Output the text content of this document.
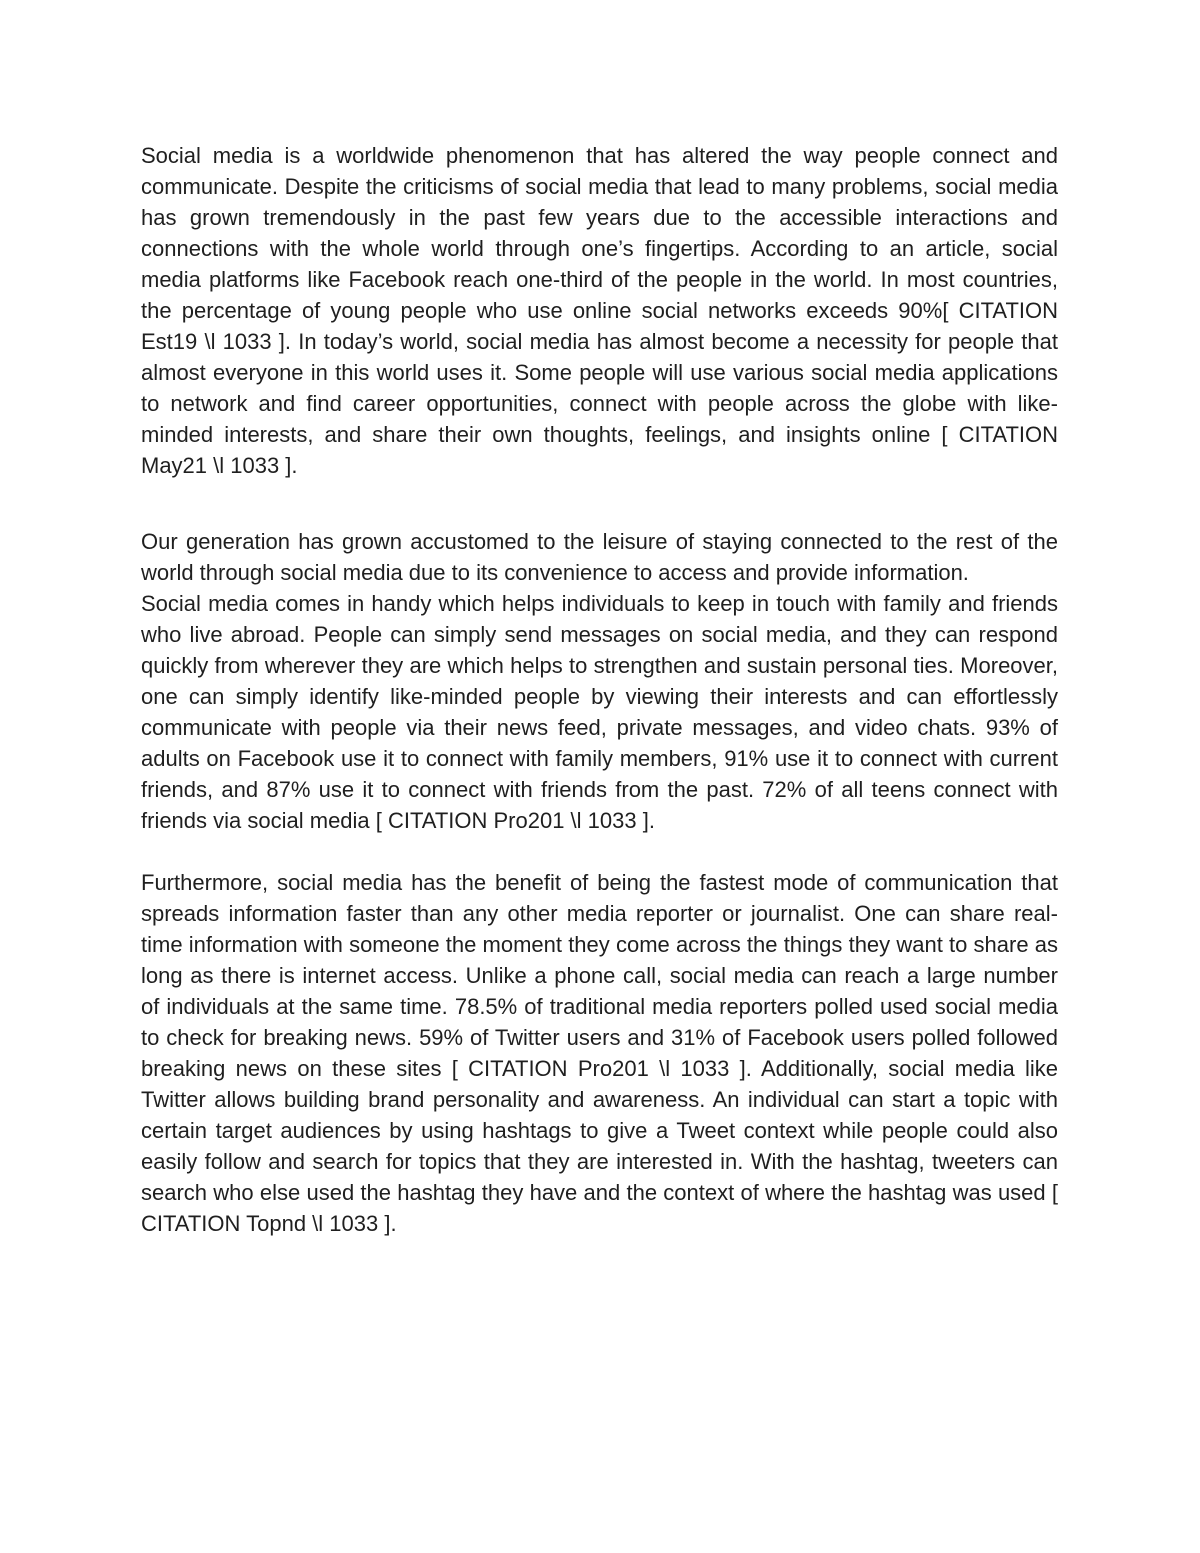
Social media is a worldwide phenomenon that has altered the way people connect and communicate. Despite the criticisms of social media that lead to many problems, social media has grown tremendously in the past few years due to the accessible interactions and connections with the whole world through one’s fingertips. According to an article, social media platforms like Facebook reach one-third of the people in the world. In most countries, the percentage of young people who use online social networks exceeds 90%[ CITATION Est19 \l 1033 ]. In today’s world, social media has almost become a necessity for people that almost everyone in this world uses it. Some people will use various social media applications to network and find career opportunities, connect with people across the globe with like-minded interests, and share their own thoughts, feelings, and insights online [ CITATION May21 \l 1033 ].

Our generation has grown accustomed to the leisure of staying connected to the rest of the world through social media due to its convenience to access and provide information.

Social media comes in handy which helps individuals to keep in touch with family and friends who live abroad. People can simply send messages on social media, and they can respond quickly from wherever they are which helps to strengthen and sustain personal ties. Moreover, one can simply identify like-minded people by viewing their interests and can effortlessly communicate with people via their news feed, private messages, and video chats. 93% of adults on Facebook use it to connect with family members, 91% use it to connect with current friends, and 87% use it to connect with friends from the past. 72% of all teens connect with friends via social media [ CITATION Pro201 \l 1033 ].

Furthermore, social media has the benefit of being the fastest mode of communication that spreads information faster than any other media reporter or journalist. One can share real-time information with someone the moment they come across the things they want to share as long as there is internet access. Unlike a phone call, social media can reach a large number of individuals at the same time. 78.5% of traditional media reporters polled used social media to check for breaking news. 59% of Twitter users and 31% of Facebook users polled followed breaking news on these sites [ CITATION Pro201 \l 1033 ]. Additionally, social media like Twitter allows building brand personality and awareness. An individual can start a topic with certain target audiences by using hashtags to give a Tweet context while people could also easily follow and search for topics that they are interested in. With the hashtag, tweeters can search who else used the hashtag they have and the context of where the hashtag was used [ CITATION Topnd \l 1033 ].
